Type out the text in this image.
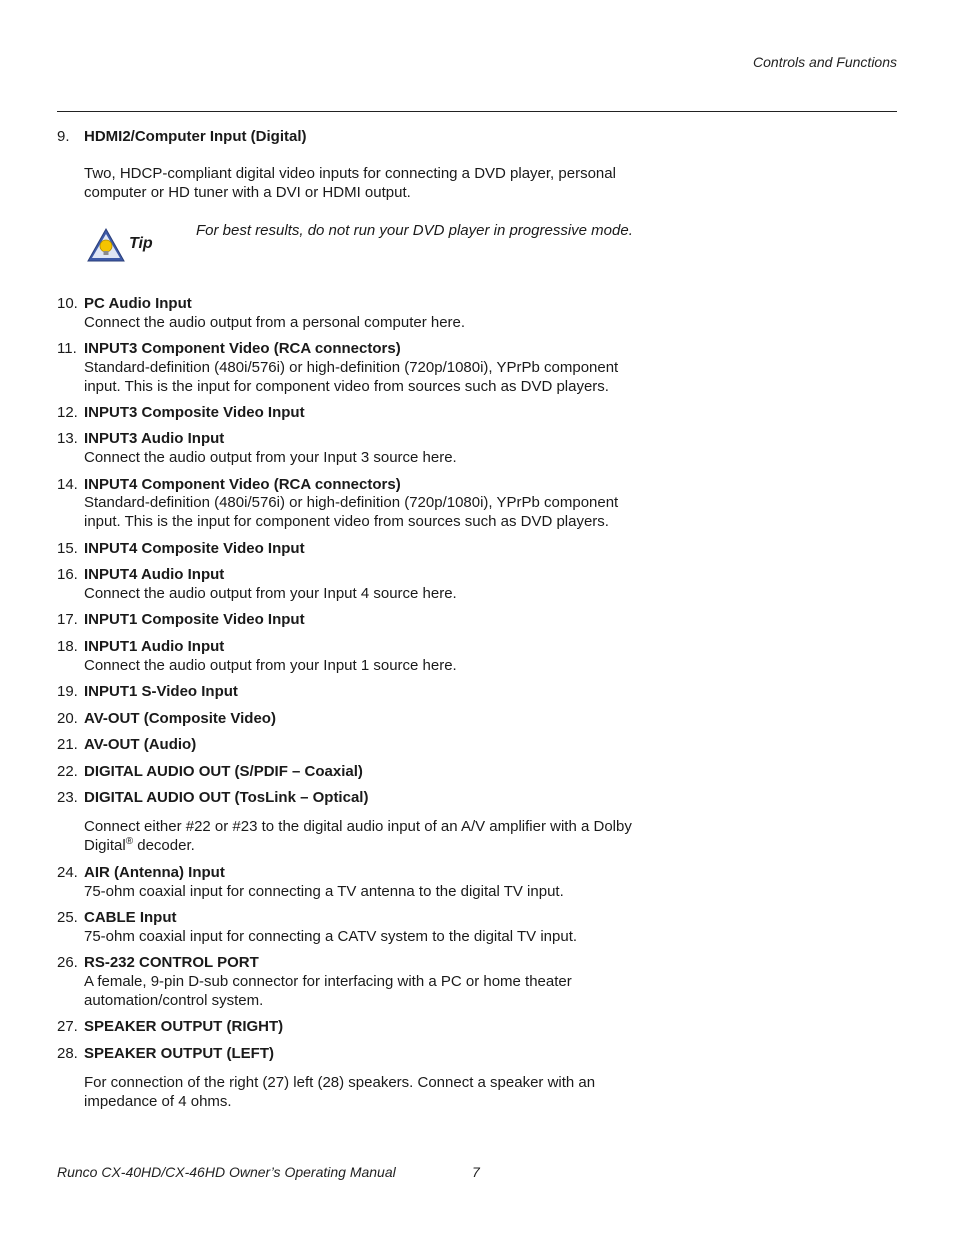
Controls and Functions
9. HDMI2/Computer Input (Digital)
Two, HDCP-compliant digital video inputs for connecting a DVD player, personal
computer or HD tuner with a DVI or HDMI output.
Tip
For best results, do not run your DVD player in progressive mode.
10. PC Audio Input
Connect the audio output from a personal computer here.
11. INPUT3 Component Video (RCA connectors)
Standard-definition (480i/576i) or high-definition (720p/1080i), YPrPb component
input. This is the input for component video from sources such as DVD players.
12. INPUT3 Composite Video Input
13. INPUT3 Audio Input
Connect the audio output from your Input 3 source here.
14. INPUT4 Component Video (RCA connectors)
Standard-definition (480i/576i) or high-definition (720p/1080i), YPrPb component
input. This is the input for component video from sources such as DVD players.
15. INPUT4 Composite Video Input
16. INPUT4 Audio Input
Connect the audio output from your Input 4 source here.
17. INPUT1 Composite Video Input
18. INPUT1 Audio Input
Connect the audio output from your Input 1 source here.
19. INPUT1 S-Video Input
20. AV-OUT (Composite Video)
21. AV-OUT (Audio)
22. DIGITAL AUDIO OUT (S/PDIF – Coaxial)
23. DIGITAL AUDIO OUT (TosLink – Optical)
Connect either #22 or #23 to the digital audio input of an A/V amplifier with a Dolby
Digital® decoder.
24. AIR (Antenna) Input
75-ohm coaxial input for connecting a TV antenna to the digital TV input.
25. CABLE Input
75-ohm coaxial input for connecting a CATV system to the digital TV input.
26. RS-232 CONTROL PORT
A female, 9-pin D-sub connector for interfacing with a PC or home theater
automation/control system.
27. SPEAKER OUTPUT (RIGHT)
28. SPEAKER OUTPUT (LEFT)
For connection of the right (27) left (28) speakers. Connect a speaker with an
impedance of 4 ohms.
Runco CX-40HD/CX-46HD Owner’s Operating Manual	7
